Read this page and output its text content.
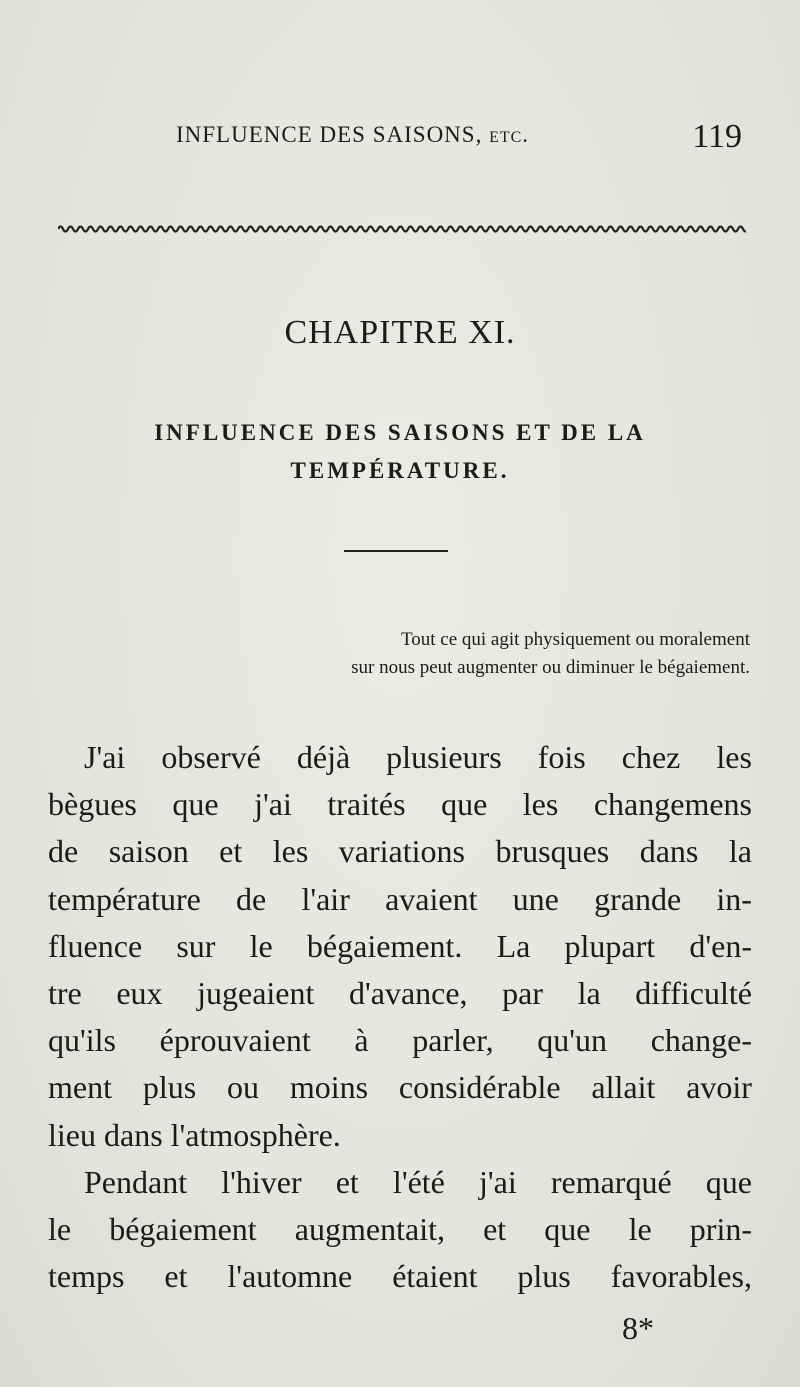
INFLUENCE DES SAISONS, etc.	119
CHAPITRE XI.
INFLUENCE DES SAISONS ET DE LA
TEMPÉRATURE.
Tout ce qui agit physiquement ou moralement
sur nous peut augmenter ou diminuer le bégaiement.
J'ai observé déjà plusieurs fois chez les
bègues que j'ai traités que les changemens
de saison et les variations brusques dans la
température de l'air avaient une grande in-
fluence sur le bégaiement. La plupart d'en-
tre eux jugeaient d'avance, par la difficulté
qu'ils éprouvaient à parler, qu'un change-
ment plus ou moins considérable allait avoir
lieu dans l'atmosphère.
Pendant l'hiver et l'été j'ai remarqué que
le bégaiement augmentait, et que le prin-
temps et l'automne étaient plus favorables,
8*
